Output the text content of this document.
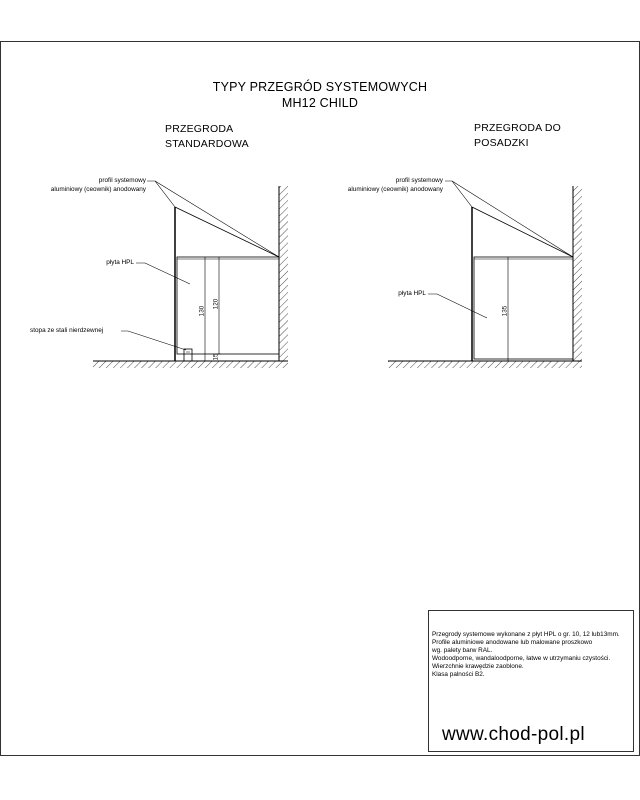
TYPY PRZEGRÓD SYSTEMOWYCH

MH12 CHILD

PRZEGRODA

STANDARDOWA

PRZEGRODA DO

POSADZKI

profil systemowy

aluminiowy (ceownik) anodowany

płyta HPL

stopa ze stali nierdzewnej

130

120

15

profil systemowy

aluminiowy (ceownik) anodowany

płyta HPL

135

Przegrody systemowe wykonane z płyt HPL o gr. 10, 12 lub13mm.

Profile aluminiowe anodowane lub malowane proszkowo

wg. palety barw RAL.

Wodoodporne, wandaloodporne, łatwe w utrzymaniu czystości.

Wierzchnie krawędzie zaoblone.

Klasa palności B2.

www.chod-pol.pl
